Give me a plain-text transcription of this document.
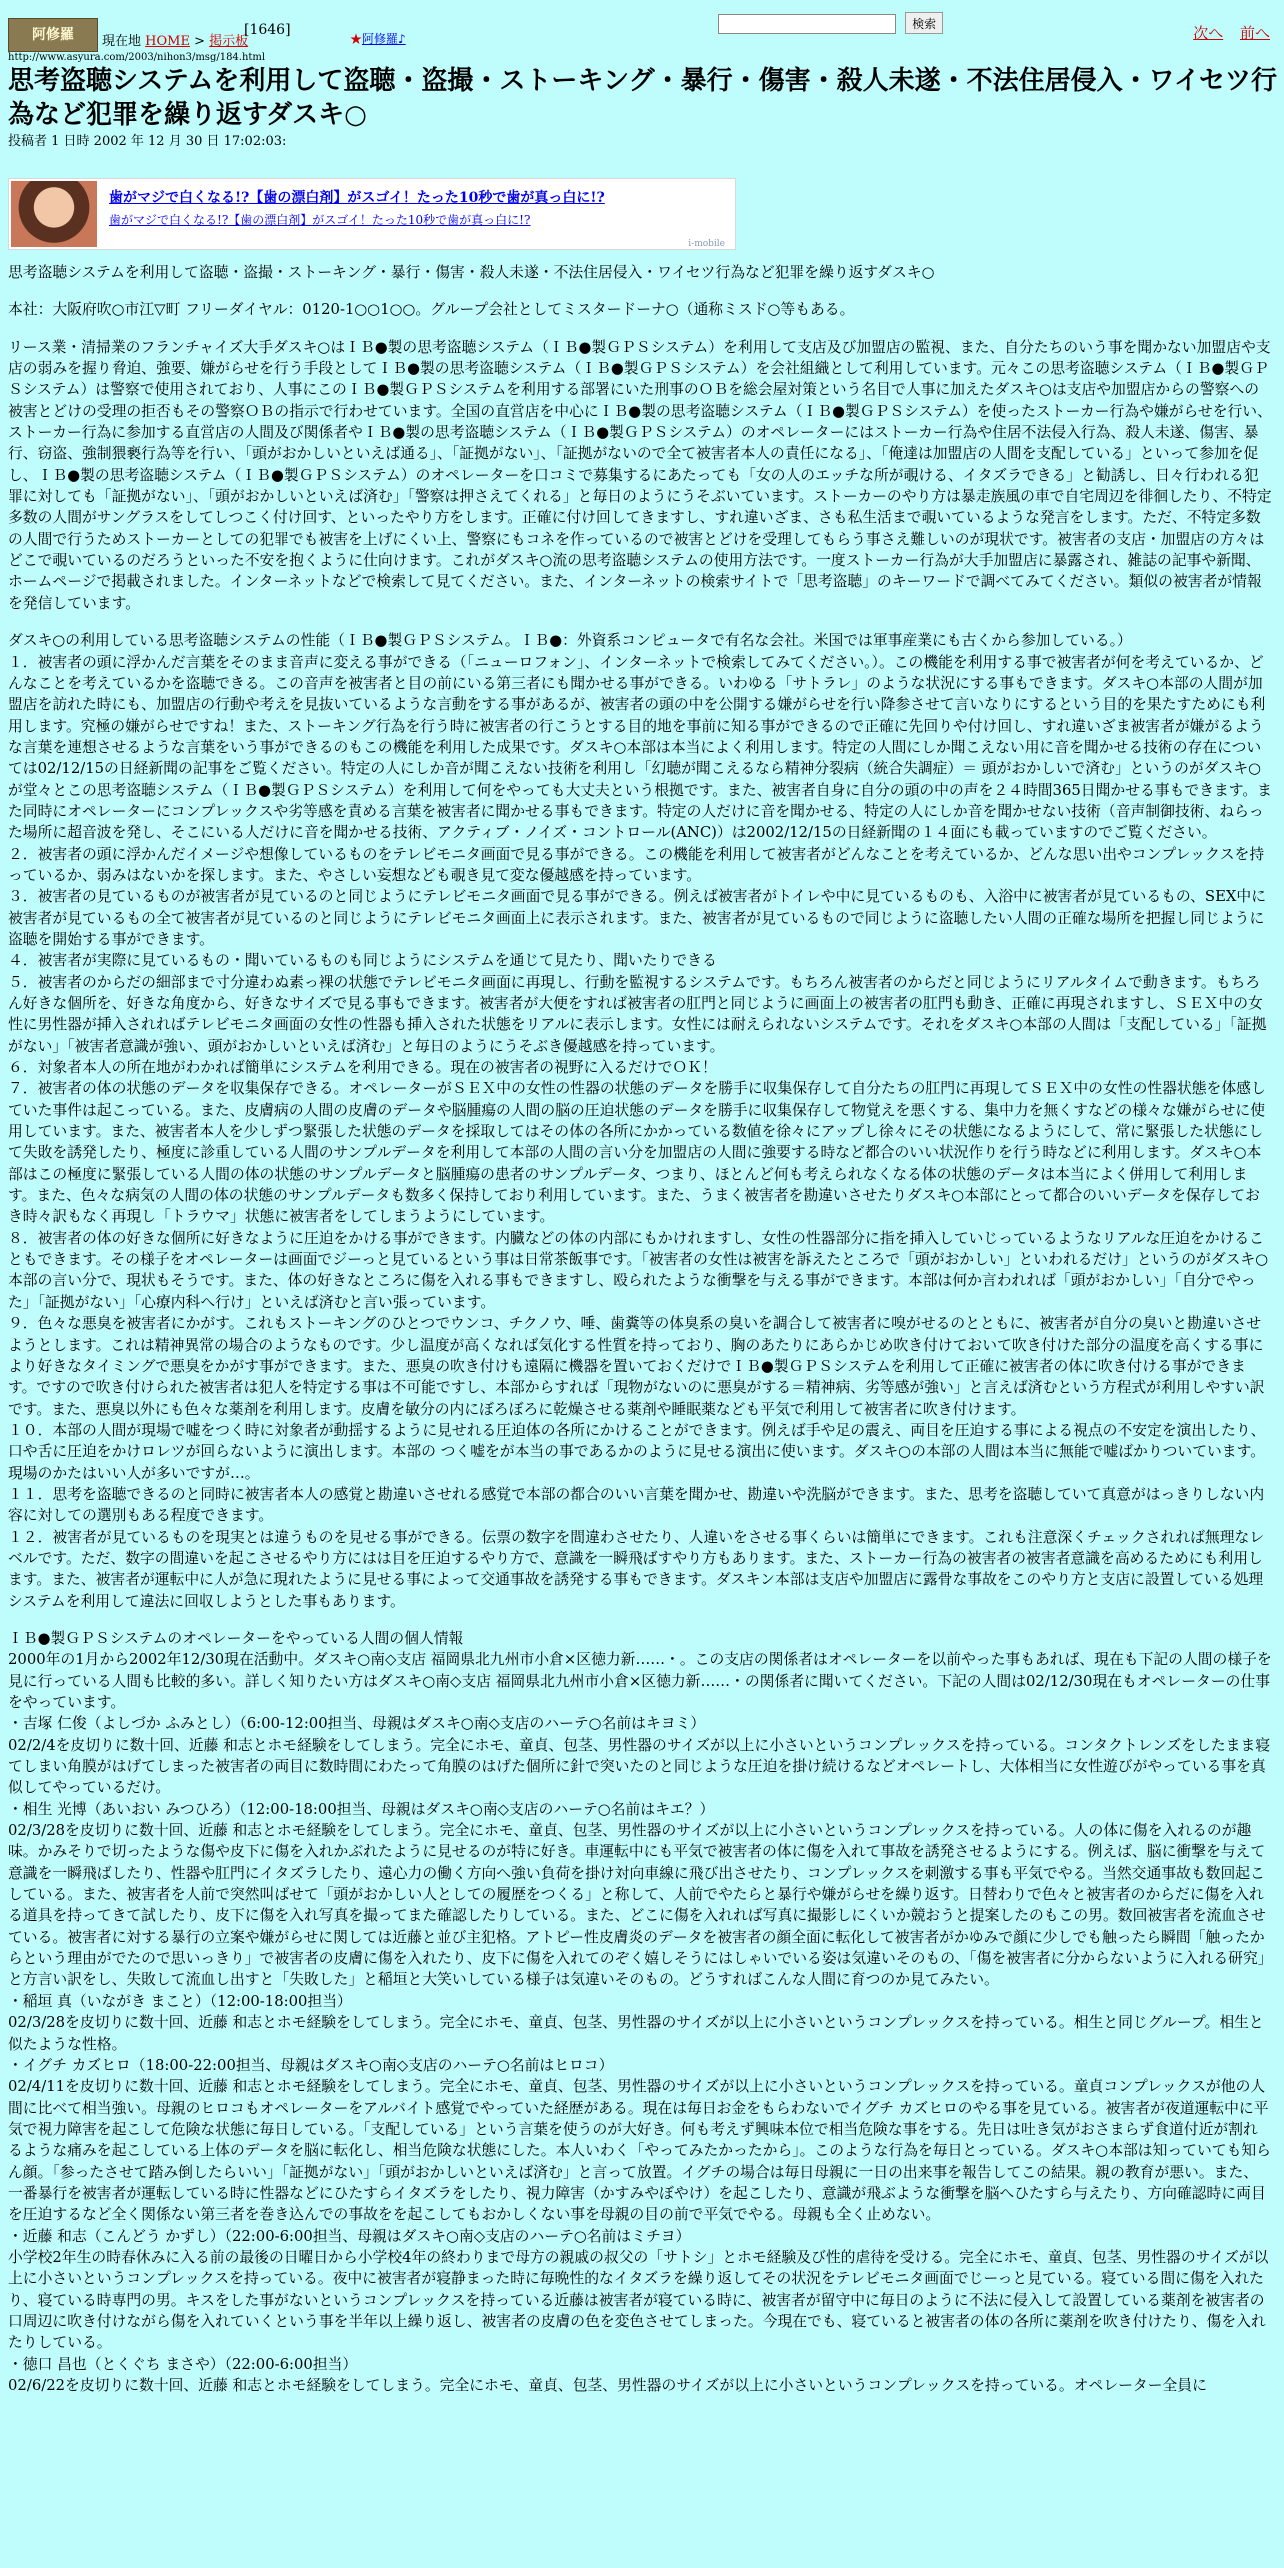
阿修羅	現在地 HOME > 掲示板
[1646]
★阿修羅♪
検索
次へ 前へ
http://www.asyura.com/2003/nihon3/msg/184.html
思考盗聴システムを利用して盗聴・盗撮・ストーキング・暴行・傷害・殺人未遂・不法住居侵入・ワイセツ行為など犯罪を繰り返すダスキ○
投稿者 1 日時 2002 年 12 月 30 日 17:02:03:
歯がマジで白くなる!?【歯の漂白剤】がスゴイ！たった10秒で歯が真っ白に!?
歯がマジで白くなる!?【歯の漂白剤】がスゴイ！たった10秒で歯が真っ白に!?
i-mobile

思考盗聴システムを利用して盗聴・盗撮・ストーキング・暴行・傷害・殺人未遂・不法住居侵入・ワイセツ行為など犯罪を繰り返すダスキ○

本社：大阪府吹○市江▽町 フリーダイヤル：0120-1○○1○○。グループ会社としてミスタードーナ○（通称ミスド○等もある。

リース業・清掃業のフランチャイズ大手ダスキ○はＩＢ●製の思考盗聴システム（ＩＢ●製ＧＰＳシステム）を利用して支店及び加盟店の監視、また、自分たちのいう事を聞かない加盟店や支店の弱みを握り脅迫、強要、嫌がらせを行う手段としてＩＢ●製の思考盗聴システム（ＩＢ●製ＧＰＳシステム）を会社組織として利用しています。元々この思考盗聴システム（ＩＢ●製ＧＰＳシステム）は警察で使用されており、人事にこのＩＢ●製ＧＰＳシステムを利用する部署にいた刑事のＯＢを総会屋対策という名目で人事に加えたダスキ○は支店や加盟店からの警察への被害とどけの受理の拒否もその警察ＯＢの指示で行わせています。全国の直営店を中心にＩＢ●製の思考盗聴システム（ＩＢ●製ＧＰＳシステム）を使ったストーカー行為や嫌がらせを行い、ストーカー行為に参加する直営店の人間及び関係者やＩＢ●製の思考盗聴システム（ＩＢ●製ＧＰＳシステム）のオペレーターにはストーカー行為や住居不法侵入行為、殺人未遂、傷害、暴行、窃盗、強制猥褻行為等を行い、「頭がおかしいといえば通る」、「証拠がない」、「証拠がないので全て被害者本人の責任になる」、「俺達は加盟店の人間を支配している」といって参加を促し、ＩＢ●製の思考盗聴システム（ＩＢ●製ＧＰＳシステム）のオペレーターを口コミで募集するにあたっても「女の人のエッチな所が覗ける、イタズラできる」と勧誘し、日々行われる犯罪に対しても「証拠がない」、「頭がおかしいといえば済む」「警察は押さえてくれる」と毎日のようにうそぶいています。ストーカーのやり方は暴走族風の車で自宅周辺を徘徊したり、不特定多数の人間がサングラスをしてしつこく付け回す、といったやり方をします。正確に付け回してきますし、すれ違いざま、さも私生活まで覗いているような発言をします。ただ、不特定多数の人間で行うためストーカーとしての犯罪でも被害を上げにくい上、警察にもコネを作っているので被害とどけを受理してもらう事さえ難しいのが現状です。被害者の支店・加盟店の方々はどこで覗いているのだろうといった不安を抱くように仕向けます。これがダスキ○流の思考盗聴システムの使用方法です。一度ストーカー行為が大手加盟店に暴露され、雑誌の記事や新聞、ホームページで掲載されました。インターネットなどで検索して見てください。また、インターネットの検索サイトで「思考盗聴」のキーワードで調べてみてください。類似の被害者が情報を発信しています。

ダスキ○の利用している思考盗聴システムの性能（ＩＢ●製ＧＰＳシステム。ＩＢ●：外資系コンピュータで有名な会社。米国では軍事産業にも古くから参加している。）
１．被害者の頭に浮かんだ言葉をそのまま音声に変える事ができる（「ニューロフォン」、インターネットで検索してみてください。）。この機能を利用する事で被害者が何を考えているか、どんなことを考えているかを盗聴できる。この音声を被害者と目の前にいる第三者にも聞かせる事ができる。いわゆる「サトラレ」のような状況にする事もできます。ダスキ○本部の人間が加盟店を訪れた時にも、加盟店の行動や考えを見抜いているような言動をする事があるが、被害者の頭の中を公開する嫌がらせを行い降参させて言いなりにするという目的を果たすためにも利用します。究極の嫌がらせですね！また、ストーキング行為を行う時に被害者の行こうとする目的地を事前に知る事ができるので正確に先回りや付け回し、すれ違いざま被害者が嫌がるような言葉を連想させるような言葉をいう事ができるのもこの機能を利用した成果です。ダスキ○本部は本当によく利用します。特定の人間にしか聞こえない用に音を聞かせる技術の存在については02/12/15の日経新聞の記事をご覧ください。特定の人にしか音が聞こえない技術を利用し「幻聴が聞こえるなら精神分裂病（統合失調症）＝ 頭がおかしいで済む」というのがダスキ○が堂々とこの思考盗聴システム（ＩＢ●製ＧＰＳシステム）を利用して何をやっても大丈夫という根拠です。また、被害者自身に自分の頭の中の声を２４時間365日聞かせる事もできます。また同時にオペレーターにコンプレックスや劣等感を責める言葉を被害者に聞かせる事もできます。特定の人だけに音を聞かせる、特定の人にしか音を聞かせない技術（音声制御技術、ねらった場所に超音波を発し、そこにいる人だけに音を聞かせる技術、アクティブ・ノイズ・コントロール(ANC)）は2002/12/15の日経新聞の１４面にも載っていますのでご覧ください。
２．被害者の頭に浮かんだイメージや想像しているものをテレビモニタ画面で見る事ができる。この機能を利用して被害者がどんなことを考えているか、どんな思い出やコンプレックスを持っているか、弱みはないかを探します。また、やさしい妄想なども覗き見て変な優越感を持っています。
３．被害者の見ているものが被害者が見ているのと同じようにテレビモニタ画面で見る事ができる。例えば被害者がトイレや中に見ているものも、入浴中に被害者が見ているもの、SEX中に被害者が見ているもの全て被害者が見ているのと同じようにテレビモニタ画面上に表示されます。また、被害者が見ているもので同じように盗聴したい人間の正確な場所を把握し同じように盗聴を開始する事ができます。
４．被害者が実際に見ているもの・聞いているものも同じようにシステムを通じて見たり、聞いたりできる
５．被害者のからだの細部まで寸分違わぬ素っ裸の状態でテレビモニタ画面に再現し、行動を監視するシステムです。もちろん被害者のからだと同じようにリアルタイムで動きます。もちろん好きな個所を、好きな角度から、好きなサイズで見る事もできます。被害者が大便をすれば被害者の肛門と同じように画面上の被害者の肛門も動き、正確に再現されますし、ＳＥＸ中の女性に男性器が挿入されればテレビモニタ画面の女性の性器も挿入された状態をリアルに表示します。女性には耐えられないシステムです。それをダスキ○本部の人間は「支配している」「証拠がない」「被害者意識が強い、頭がおかしいといえば済む」と毎日のようにうそぶき優越感を持っています。
６．対象者本人の所在地がわかれば簡単にシステムを利用できる。現在の被害者の視野に入るだけでＯＫ！
７．被害者の体の状態のデータを収集保存できる。オペレーターがＳＥＸ中の女性の性器の状態のデータを勝手に収集保存して自分たちの肛門に再現してＳＥＸ中の女性の性器状態を体感していた事件は起こっている。また、皮膚病の人間の皮膚のデータや脳腫瘍の人間の脳の圧迫状態のデータを勝手に収集保存して物覚えを悪くする、集中力を無くすなどの様々な嫌がらせに使用しています。また、被害者本人を少しずつ緊張した状態のデータを採取してはその体の各所にかかっている数値を徐々にアップし徐々にその状態になるようにして、常に緊張した状態にして失敗を誘発したり、極度に診重している人間のサンプルデータを利用して本部の人間の言い分を加盟店の人間に強要する時など都合のいい状況作りを行う時などに利用します。ダスキ○本部はこの極度に緊張している人間の体の状態のサンプルデータと脳腫瘍の患者のサンプルデータ、つまり、ほとんど何も考えられなくなる体の状態のデータは本当によく併用して利用します。また、色々な病気の人間の体の状態のサンプルデータも数多く保持しており利用しています。また、うまく被害者を勘違いさせたりダスキ○本部にとって都合のいいデータを保存しておき時々訳もなく再現し「トラウマ」状態に被害者をしてしまうようにしています。
８．被害者の体の好きな個所に好きなように圧迫をかける事ができます。内臓などの体の内部にもかけれますし、女性の性器部分に指を挿入していじっているようなリアルな圧迫をかけることもできます。その様子をオペレーターは画面でジーっと見ているという事は日常茶飯事です。「被害者の女性は被害を訴えたところで「頭がおかしい」といわれるだけ」というのがダスキ○本部の言い分で、現状もそうです。また、体の好きなところに傷を入れる事もできますし、殴られたような衝撃を与える事ができます。本部は何か言われれば「頭がおかしい」「自分でやった」「証拠がない」「心療内科へ行け」といえば済むと言い張っています。
９．色々な悪臭を被害者にかがす。これもストーキングのひとつでウンコ、チクノウ、唾、歯糞等の体臭系の臭いを調合して被害者に嗅がせるのとともに、被害者が自分の臭いと勘違いさせようとします。これは精神異常の場合のようなものです。少し温度が高くなれば気化する性質を持っており、胸のあたりにあらかじめ吹き付けておいて吹き付けた部分の温度を高くする事により好きなタイミングで悪臭をかがす事ができます。また、悪臭の吹き付けも遠隔に機器を置いておくだけでＩＢ●製ＧＰＳシステムを利用して正確に被害者の体に吹き付ける事ができます。ですので吹き付けられた被害者は犯人を特定する事は不可能ですし、本部からすれば「現物がないのに悪臭がする＝精神病、劣等感が強い」と言えば済むという方程式が利用しやすい訳です。また、悪臭以外にも色々な薬剤を利用します。皮膚を敏分の内にぼろぼろに乾燥させる薬剤や睡眠薬なども平気で利用して被害者に吹き付けます。
１０．本部の人間が現場で嘘をつく時に対象者が動揺するように見せれる圧迫体の各所にかけることができます。例えば手や足の震え、両目を圧迫する事による視点の不安定を演出したり、口や舌に圧迫をかけロレツが回らないように演出します。本部の つく嘘をが本当の事であるかのように見せる演出に使います。ダスキ○の本部の人間は本当に無能で嘘ばかりついています。現場のかたはいい人が多いですが…。
１１．思考を盗聴できるのと同時に被害者本人の感覚と勘違いさせれる感覚で本部の都合のいい言葉を聞かせ、勘違いや洗脳ができます。また、思考を盗聴していて真意がはっきりしない内容に対しての選別もある程度できます。
１２．被害者が見ているものを現実とは違うものを見せる事ができる。伝票の数字を間違わさせたり、人違いをさせる事くらいは簡単にできます。これも注意深くチェックされれば無理なレベルです。ただ、数字の間違いを起こさせるやり方にはは目を圧迫するやり方で、意識を一瞬飛ばすやり方もあります。また、ストーカー行為の被害者の被害者意識を高めるためにも利用します。また、被害者が運転中に人が急に現れたように見せる事によって交通事故を誘発する事もできます。ダスキン本部は支店や加盟店に露骨な事故をこのやり方と支店に設置している処理システムを利用して違法に回収しようとした事もあります。

ＩＢ●製ＧＰＳシステムのオペレーターをやっている人間の個人情報
2000年の1月から2002年12/30現在活動中。ダスキ○南◇支店 福岡県北九州市小倉×区徳力新……・。この支店の関係者はオペレーターを以前やった事もあれば、現在も下記の人間の様子を見に行っている人間も比較的多い。詳しく知りたい方はダスキ○南◇支店 福岡県北九州市小倉×区徳力新……・の関係者に聞いてください。下記の人間は02/12/30現在もオペレーターの仕事をやっています。
・吉塚 仁俊（よしづか ふみとし）（6:00-12:00担当、母親はダスキ○南◇支店のハーテ○名前はキヨミ）
02/2/4を皮切りに数十回、近藤 和志とホモ経験をしてしまう。完全にホモ、童貞、包茎、男性器のサイズが以上に小さいというコンプレックスを持っている。コンタクトレンズをしたまま寝てしまい角膜がはげてしまった被害者の両目に数時間にわたって角膜のはげた個所に針で突いたのと同じような圧迫を掛け続けるなどオペレートし、大体相当に女性遊びがやっている事を真似してやっているだけ。
・相生 光博（あいおい みつひろ）（12:00-18:00担当、母親はダスキ○南◇支店のハーテ○名前はキエ？）
02/3/28を皮切りに数十回、近藤 和志とホモ経験をしてしまう。完全にホモ、童貞、包茎、男性器のサイズが以上に小さいというコンプレックスを持っている。人の体に傷を入れるのが趣味。かみそりで切ったような傷や皮下に傷を入れかぶれたように見せるのが特に好き。車運転中にも平気で被害者の体に傷を入れて事故を誘発させるようにする。例えば、脳に衝撃を与えて意識を一瞬飛ばしたり、性器や肛門にイタズラしたり、遠心力の働く方向へ強い負荷を掛け対向車線に飛び出させたり、コンプレックスを刺激する事も平気でやる。当然交通事故も数回起こしている。また、被害者を人前で突然叫ばせて「頭がおかしい人としての履歴をつくる」と称して、人前でやたらと暴行や嫌がらせを繰り返す。日替わりで色々と被害者のからだに傷を入れる道具を持ってきて試したり、皮下に傷を入れ写真を撮ってまた確認したりしている。また、どこに傷を入れれば写真に撮影しにくいか競おうと提案したのもこの男。数回被害者を流血させている。被害者に対する暴行の立案や嫌がらせに関しては近藤と並び主犯格。アトピー性皮膚炎のデータを被害者の顔全面に転化して被害者がかゆみで顔に少しでも触ったら瞬間「触ったからという理由がでたので思いっきり」で被害者の皮膚に傷を入れたり、皮下に傷を入れてのぞく嬉しそうにはしゃいでいる姿は気違いそのもの、「傷を被害者に分からないように入れる研究」と方言い訳をし、失敗して流血し出すと「失敗した」と稲垣と大笑いしている様子は気違いそのもの。どうすればこんな人間に育つのか見てみたい。
・稲垣 真（いながき まこと）（12:00-18:00担当）
02/3/28を皮切りに数十回、近藤 和志とホモ経験をしてしまう。完全にホモ、童貞、包茎、男性器のサイズが以上に小さいというコンプレックスを持っている。相生と同じグループ。相生と似たような性格。
・イグチ カズヒロ（18:00-22:00担当、母親はダスキ○南◇支店のハーテ○名前はヒロコ）
02/4/11を皮切りに数十回、近藤 和志とホモ経験をしてしまう。完全にホモ、童貞、包茎、男性器のサイズが以上に小さいというコンプレックスを持っている。童貞コンプレックスが他の人間に比べて相当強い。母親のヒロコもオペレーターをアルバイト感覚でやっていた経歴がある。現在は毎日お金をもらわないでイグチ カズヒロのやる事を見ている。被害者が夜道運転中に平気で視力障害を起こして危険な状態に毎日している。「支配している」という言葉を使うのが大好き。何も考えず興味本位で相当危険な事をする。先日は吐き気がおさまらず食道付近が割れるような痛みを起こしている上体のデータを脳に転化し、相当危険な状態にした。本人いわく「やってみたかったから」。このような行為を毎日とっている。ダスキ○本部は知っていても知らん顔。「参ったさせて踏み倒したらいい」「証拠がない」「頭がおかしいといえば済む」と言って放置。イグチの場合は毎日母親に一日の出来事を報告してこの結果。親の教育が悪い。また、一番暴行を被害者が運転している時に性器などにひたすらイタズラをしたり、視力障害（かすみやぼやけ）を起こしたり、意識が飛ぶような衝撃を脳へひたすら与えたり、方向確認時に両目を圧迫するなど全く関係ない第三者を巻き込んでの事故をを起こしてもおかしくない事を母親の目の前で平気でやる。母親も全く止めない。
・近藤 和志（こんどう かずし）（22:00-6:00担当、母親はダスキ○南◇支店のハーテ○名前はミチヨ）
小学校2年生の時春休みに入る前の最後の日曜日から小学校4年の終わりまで母方の親戚の叔父の「サトシ」とホモ経験及び性的虐待を受ける。完全にホモ、童貞、包茎、男性器のサイズが以上に小さいというコンプレックスを持っている。夜中に被害者が寝静まった時に毎晩性的なイタズラを繰り返してその状況をテレビモニタ画面でじーっと見ている。寝ている間に傷を入れたり、寝ている時専門の男。キスをした事がないというコンプレックスを持っている近藤は被害者が寝ている時に、被害者が留守中に毎日のように不法に侵入して設置している薬剤を被害者の口周辺に吹き付けながら傷を入れていくという事を半年以上繰り返し、被害者の皮膚の色を変色させてしまった。今現在でも、寝ていると被害者の体の各所に薬剤を吹き付けたり、傷を入れたりしている。
・徳口 昌也（とくぐち まさや）（22:00-6:00担当）
02/6/22を皮切りに数十回、近藤 和志とホモ経験をしてしまう。完全にホモ、童貞、包茎、男性器のサイズが以上に小さいというコンプレックスを持っている。オペレーター全員に
